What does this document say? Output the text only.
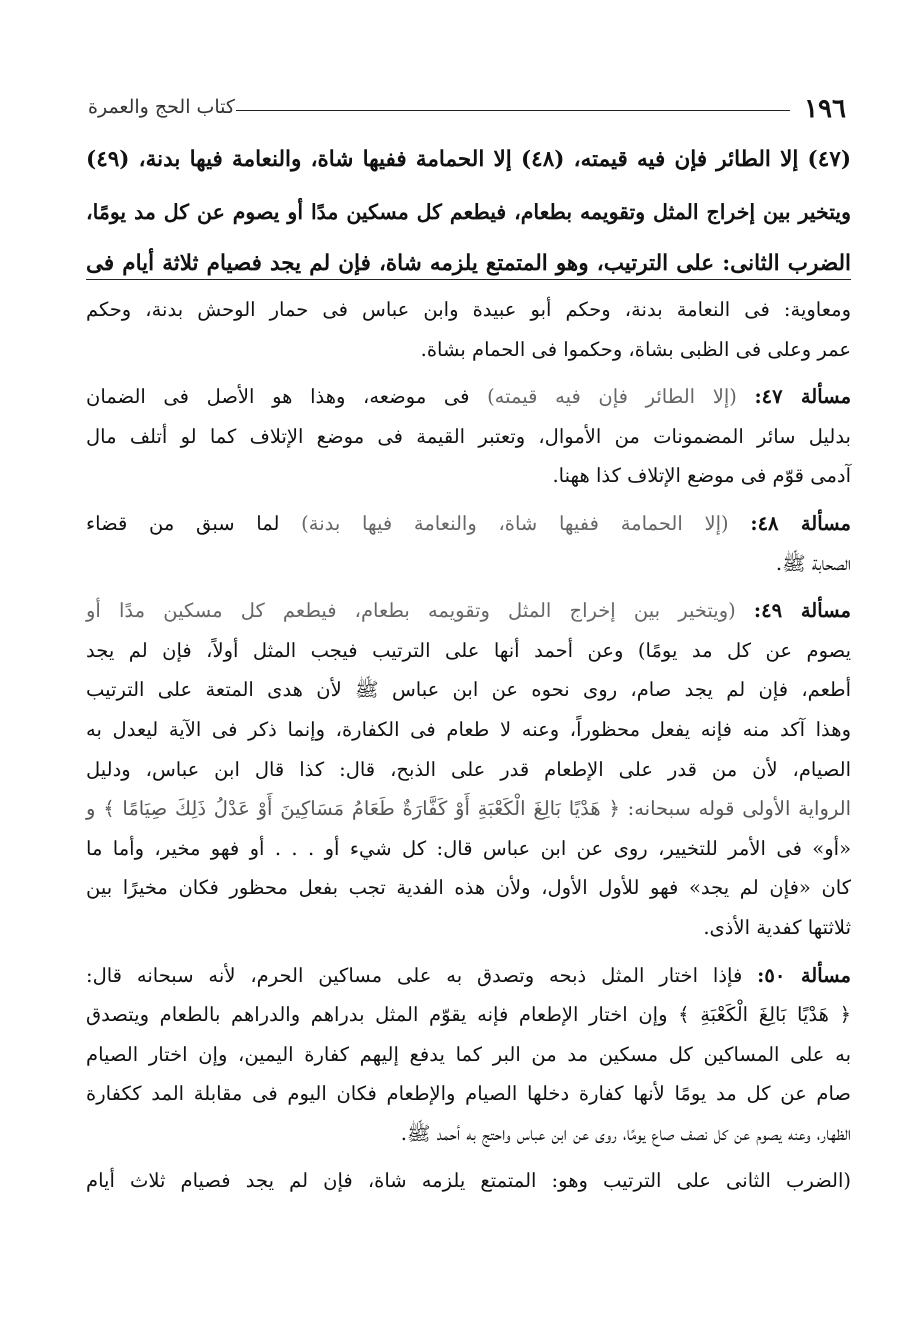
١٩٦
كتاب الحج والعمرة
(٤٧) إلا الطائر فإن فيه قيمته، (٤٨) إلا الحمامة ففيها شاة، والنعامة فيها بدنة، (٤٩)
ويتخير بين إخراج المثل وتقويمه بطعام، فيطعم كل مسكين مدًا أو يصوم عن كل مد يومًا،
الضرب الثانى: على الترتيب، وهو المتمتع يلزمه شاة، فإن لم يجد فصيام ثلاثة أيام فى
ومعاوية: فى النعامة بدنة، وحكم أبو عبيدة وابن عباس فى حمار الوحش بدنة، وحكم
عمر وعلى فى الظبى بشاة، وحكموا فى الحمام بشاة.
مسألة ٤٧: (إلا الطائر فإن فيه قيمته) فى موضعه، وهذا هو الأصل فى الضمان
بدليل سائر المضمونات من الأموال، وتعتبر القيمة فى موضع الإتلاف كما لو أتلف مال
آدمى قوّم فى موضع الإتلاف كذا ههنا.
مسألة ٤٨: (إلا الحمامة ففيها شاة، والنعامة فيها بدنة) لما سبق من قضاء
الصحابة ﷺ.
مسألة ٤٩: (ويتخير بين إخراج المثل وتقويمه بطعام، فيطعم كل مسكين مدًا أو
يصوم عن كل مد يومًا) وعن أحمد أنها على الترتيب فيجب المثل أولاً، فإن لم يجد
أطعم، فإن لم يجد صام، روى نحوه عن ابن عباس ﷺ لأن هدى المتعة على الترتيب
وهذا آكد منه فإنه يفعل محظوراً، وعنه لا طعام فى الكفارة، وإنما ذكر فى الآية ليعدل به
الصيام، لأن من قدر على الإطعام قدر على الذبح، قال: كذا قال ابن عباس، ودليل
الرواية الأولى قوله سبحانه: ﴿ هَدْيًا بَالِغَ الْكَعْبَةِ أَوْ كَفَّارَةٌ طَعَامُ مَسَاكِينَ أَوْ عَدْلُ ذَلِكَ صِيَامًا ﴾ و
«أو» فى الأمر للتخيير، روى عن ابن عباس قال: كل شيء أو . . . أو فهو مخير، وأما ما
كان «فإن لم يجد» فهو للأول الأول، ولأن هذه الفدية تجب بفعل محظور فكان مخيرًا بين
ثلاثتها كفدية الأذى.
مسألة ٥٠: فإذا اختار المثل ذبحه وتصدق به على مساكين الحرم، لأنه سبحانه قال:
﴿ هَدْيًا بَالِغَ الْكَعْبَةِ ﴾ وإن اختار الإطعام فإنه يقوّم المثل بدراهم والدراهم بالطعام ويتصدق
به على المساكين كل مسكين مد من البر كما يدفع إليهم كفارة اليمين، وإن اختار الصيام
صام عن كل مد يومًا لأنها كفارة دخلها الصيام والإطعام فكان اليوم فى مقابلة المد ككفارة
الظهار، وعنه يصوم عن كل نصف صاع يومًا، روى عن ابن عباس واحتج به أحمد ﷺ.
(الضرب الثانى على الترتيب وهو: المتمتع يلزمه شاة، فإن لم يجد فصيام ثلاث أيام
